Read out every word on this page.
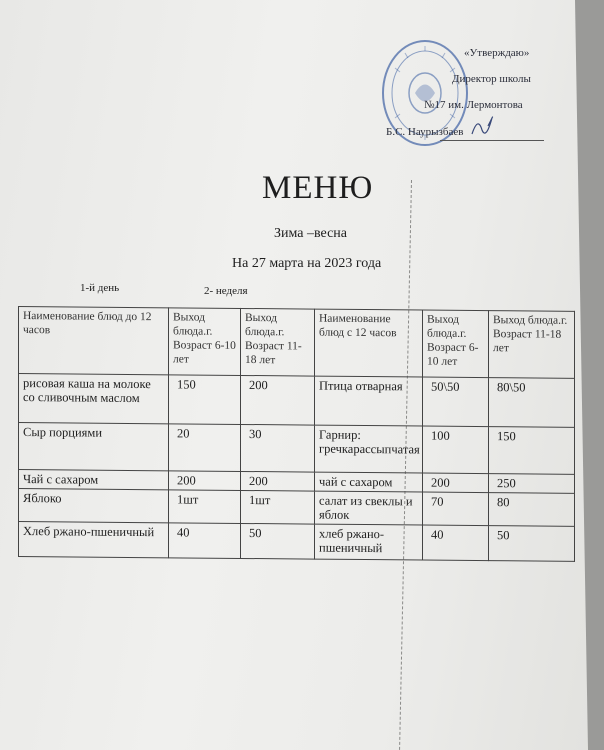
«Утверждаю»
Директор школы
№17 им. Лермонтова
Б.С. Наурызбаев
МЕНЮ
Зима –весна
На 27 марта на 2023 года
1-й день	2- неделя
Наименование блюд до 12 часов	Выход блюда.г. Возраст 6-10 лет	Выход блюда.г. Возраст 11-18 лет	Наименование блюд с 12 часов	Выход блюда.г. Возраст 6-10 лет	Выход блюда.г. Возраст 11-18 лет
рисовая каша на молоке со сливочным маслом	150	200	Птица отварная	50\50	80\50
Сыр порциями	20	30	Гарнир: гречкарассыпчатая	100	150
Чай с сахаром	200	200	чай с сахаром	200	250
Яблоко	1шт	1шт	салат из свеклы и яблок	70	80
Хлеб ржано-пшеничный	40	50	хлеб ржано-пшеничный	40	50
